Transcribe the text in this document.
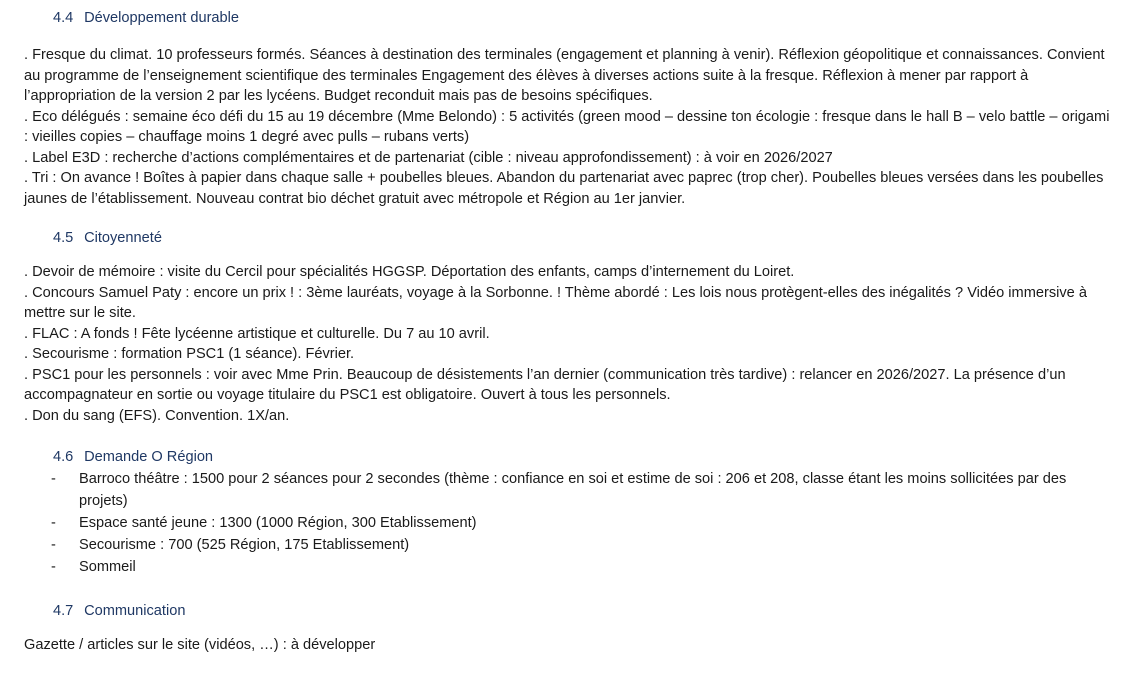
4.4 Développement durable

. Fresque du climat. 10 professeurs formés. Séances à destination des terminales (engagement et planning à venir). Réflexion géopolitique et connaissances. Convient au programme de l’enseignement scientifique des terminales Engagement des élèves à diverses actions suite à la fresque. Réflexion à mener par rapport à l’appropriation de la version 2 par les lycéens. Budget reconduit mais pas de besoins spécifiques.

. Eco délégués : semaine éco défi du 15 au 19 décembre (Mme Belondo) : 5 activités (green mood – dessine ton écologie : fresque dans le hall B – velo battle – origami : vieilles copies – chauffage moins 1 degré avec pulls – rubans verts)

. Label E3D : recherche d’actions complémentaires et de partenariat (cible : niveau approfondissement) : à voir en 2026/2027

. Tri : On avance ! Boîtes à papier dans chaque salle + poubelles bleues. Abandon du partenariat avec paprec (trop cher). Poubelles bleues versées dans les poubelles jaunes de l’établissement. Nouveau contrat bio déchet gratuit avec métropole et Région au 1er janvier.

4.5 Citoyenneté

. Devoir de mémoire : visite du Cercil pour spécialités HGGSP. Déportation des enfants, camps d’internement du Loiret.

. Concours Samuel Paty : encore un prix ! : 3ème lauréats, voyage à la Sorbonne. ! Thème abordé : Les lois nous protègent-elles des inégalités ? Vidéo immersive à mettre sur le site.

. FLAC : A fonds ! Fête lycéenne artistique et culturelle. Du 7 au 10 avril.

. Secourisme : formation PSC1 (1 séance). Février.

. PSC1 pour les personnels : voir avec Mme Prin. Beaucoup de désistements l’an dernier (communication très tardive) : relancer en 2026/2027. La présence d’un accompagnateur en sortie ou voyage titulaire du PSC1 est obligatoire. Ouvert à tous les personnels.

. Don du sang (EFS). Convention. 1X/an.

4.6 Demande O Région
-	Barroco théâtre : 1500 pour 2 séances pour 2 secondes (thème : confiance en soi et estime de soi : 206 et 208, classe étant les moins sollicitées par des projets)
-	Espace santé jeune : 1300 (1000 Région, 300 Etablissement)
-	Secourisme : 700 (525 Région, 175 Etablissement)
-	Sommeil
4.7 Communication
Gazette / articles sur le site (vidéos, …) : à développer
